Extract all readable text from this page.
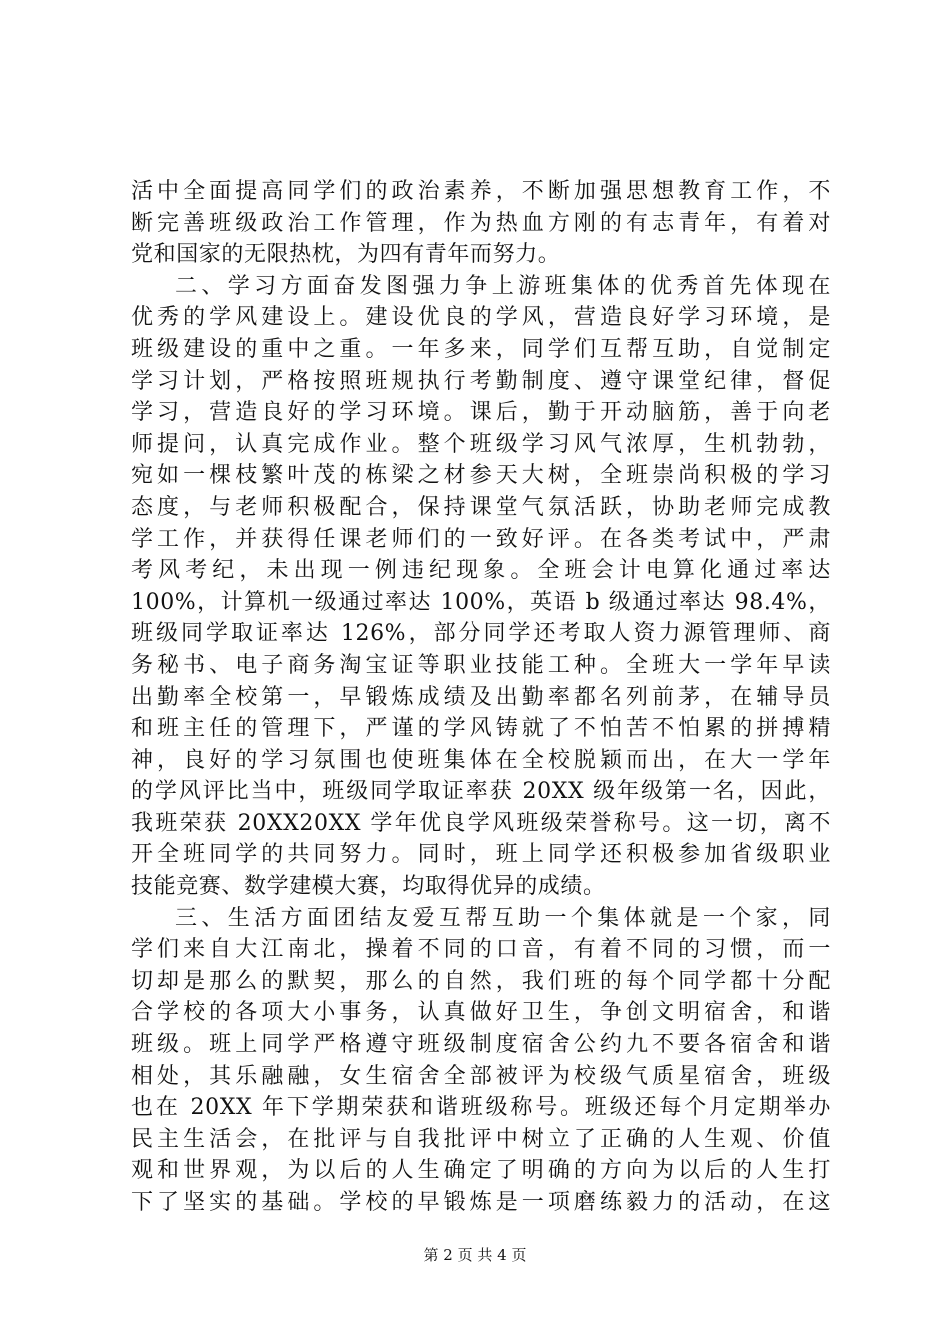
活中全面提高同学们的政治素养，不断加强思想教育工作，不
断完善班级政治工作管理，作为热血方刚的有志青年，有着对
党和国家的无限热枕，为四有青年而努力。
二、学习方面奋发图强力争上游班集体的优秀首先体现在
优秀的学风建设上。建设优良的学风，营造良好学习环境，是
班级建设的重中之重。一年多来，同学们互帮互助，自觉制定
学习计划，严格按照班规执行考勤制度、遵守课堂纪律，督促
学习，营造良好的学习环境。课后，勤于开动脑筋，善于向老
师提问，认真完成作业。整个班级学习风气浓厚，生机勃勃，
宛如一棵枝繁叶茂的栋梁之材参天大树，全班崇尚积极的学习
态度，与老师积极配合，保持课堂气氛活跃，协助老师完成教
学工作，并获得任课老师们的一致好评。在各类考试中，严肃
考风考纪，未出现一例违纪现象。全班会计电算化通过率达
100%，计算机一级通过率达 100%，英语 b 级通过率达 98.4%，
班级同学取证率达 126%，部分同学还考取人资力源管理师、商
务秘书、电子商务淘宝证等职业技能工种。全班大一学年早读
出勤率全校第一，早锻炼成绩及出勤率都名列前茅，在辅导员
和班主任的管理下，严谨的学风铸就了不怕苦不怕累的拼搏精
神，良好的学习氛围也使班集体在全校脱颖而出，在大一学年
的学风评比当中，班级同学取证率获 20XX 级年级第一名，因此，
我班荣获 20XX20XX 学年优良学风班级荣誉称号。这一切，离不
开全班同学的共同努力。同时，班上同学还积极参加省级职业
技能竞赛、数学建模大赛，均取得优异的成绩。
三、生活方面团结友爱互帮互助一个集体就是一个家，同
学们来自大江南北，操着不同的口音，有着不同的习惯，而一
切却是那么的默契，那么的自然，我们班的每个同学都十分配
合学校的各项大小事务，认真做好卫生，争创文明宿舍，和谐
班级。班上同学严格遵守班级制度宿舍公约九不要各宿舍和谐
相处，其乐融融，女生宿舍全部被评为校级气质星宿舍，班级
也在 20XX 年下学期荣获和谐班级称号。班级还每个月定期举办
民主生活会，在批评与自我批评中树立了正确的人生观、价值
观和世界观，为以后的人生确定了明确的方向为以后的人生打
下了坚实的基础。学校的早锻炼是一项磨练毅力的活动，在这
第 2 页 共 4 页
